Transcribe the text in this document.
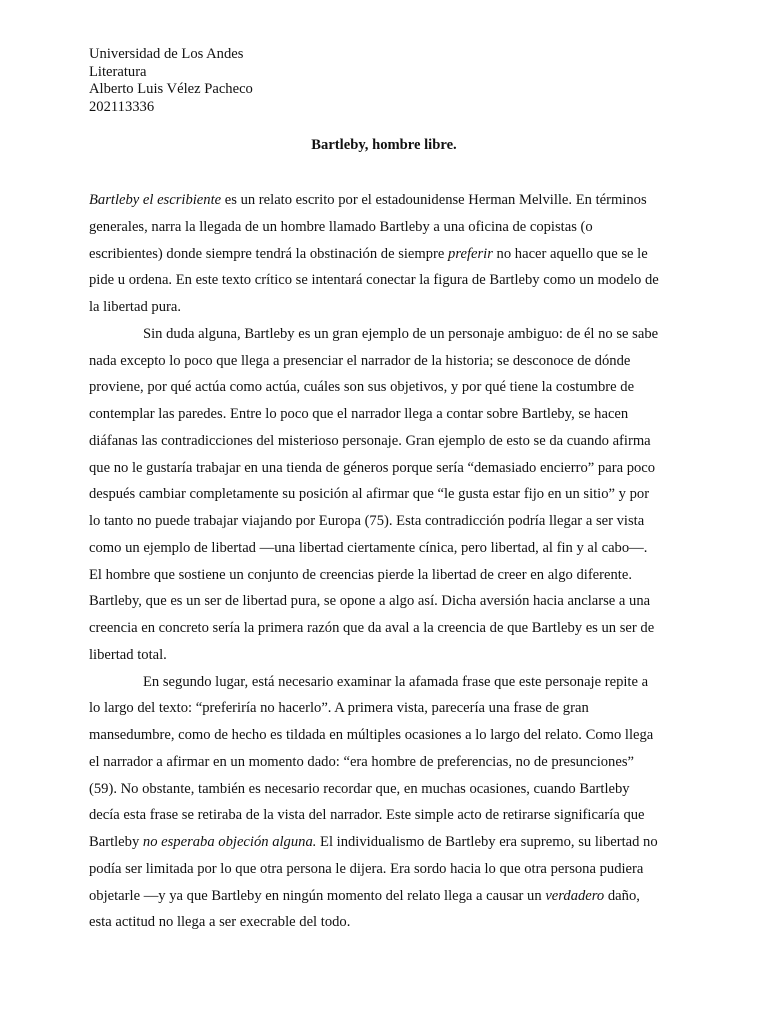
Universidad de Los Andes
Literatura
Alberto Luis Vélez Pacheco
202113336
Bartleby, hombre libre.
Bartleby el escribiente es un relato escrito por el estadounidense Herman Melville. En términos
generales, narra la llegada de un hombre llamado Bartleby a una oficina de copistas (o
escribientes) donde siempre tendrá la obstinación de siempre preferir no hacer aquello que se le
pide u ordena. En este texto crítico se intentará conectar la figura de Bartleby como un modelo de
la libertad pura.
Sin duda alguna, Bartleby es un gran ejemplo de un personaje ambiguo: de él no se sabe
nada excepto lo poco que llega a presenciar el narrador de la historia; se desconoce de dónde
proviene, por qué actúa como actúa, cuáles son sus objetivos, y por qué tiene la costumbre de
contemplar las paredes. Entre lo poco que el narrador llega a contar sobre Bartleby, se hacen
diáfanas las contradicciones del misterioso personaje. Gran ejemplo de esto se da cuando afirma
que no le gustaría trabajar en una tienda de géneros porque sería “demasiado encierro” para poco
después cambiar completamente su posición al afirmar que “le gusta estar fijo en un sitio” y por
lo tanto no puede trabajar viajando por Europa (75). Esta contradicción podría llegar a ser vista
como un ejemplo de libertad —una libertad ciertamente cínica, pero libertad, al fin y al cabo—.
El hombre que sostiene un conjunto de creencias pierde la libertad de creer en algo diferente.
Bartleby, que es un ser de libertad pura, se opone a algo así. Dicha aversión hacia anclarse a una
creencia en concreto sería la primera razón que da aval a la creencia de que Bartleby es un ser de
libertad total.
En segundo lugar, está necesario examinar la afamada frase que este personaje repite a
lo largo del texto: “preferiría no hacerlo”. A primera vista, parecería una frase de gran
mansedumbre, como de hecho es tildada en múltiples ocasiones a lo largo del relato. Como llega
el narrador a afirmar en un momento dado: “era hombre de preferencias, no de presunciones”
(59). No obstante, también es necesario recordar que, en muchas ocasiones, cuando Bartleby
decía esta frase se retiraba de la vista del narrador. Este simple acto de retirarse significaría que
Bartleby no esperaba objeción alguna. El individualismo de Bartleby era supremo, su libertad no
podía ser limitada por lo que otra persona le dijera. Era sordo hacia lo que otra persona pudiera
objetarle —y ya que Bartleby en ningún momento del relato llega a causar un verdadero daño,
esta actitud no llega a ser execrable del todo.
